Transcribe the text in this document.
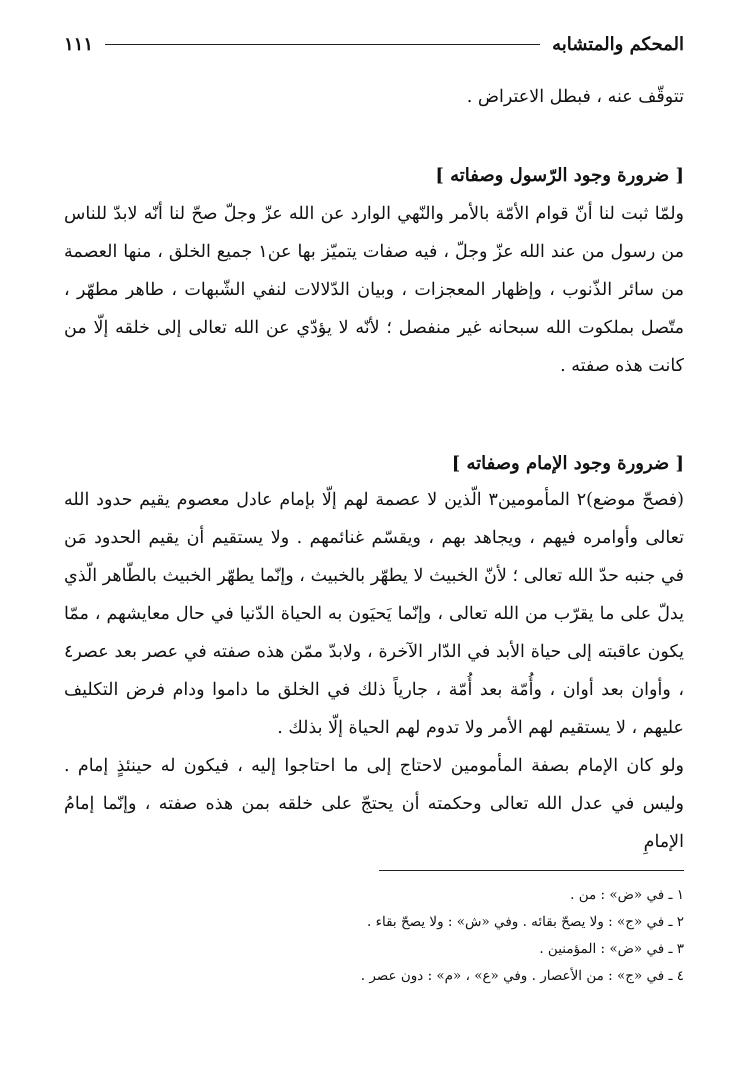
المحكم والمتشابه
١١١

تتوقّف عنه ، فبطل الاعتراض .

[ ضرورة وجود الرّسول وصفاته ]

ولمّا ثبت لنا أنّ قوام الأمّة بالأمر والنّهي الوارد عن الله عزّ وجلّ صحّ لنا أنّه لابدّ للناس من رسول من عند الله عزّ وجلّ ، فيه صفات يتميّز بها عن١ جميع الخلق ، منها العصمة من سائر الذّنوب ، وإظهار المعجزات ، وبيان الدّلالات لنفي الشّبهات ، طاهر مطهّر ، متّصل بملكوت الله سبحانه غير منفصل ؛ لأنّه لا يؤدّي عن الله تعالى إلى خلقه إلّا من كانت هذه صفته .

[ ضرورة وجود الإمام وصفاته ]

(فصحّ موضع)٢ المأمومين٣ الّذين لا عصمة لهم إلّا بإمام عادل معصوم يقيم حدود الله تعالى وأوامره فيهم ، ويجاهد بهم ، ويقسّم غنائمهم . ولا يستقيم أن يقيم الحدود مَن في جنبه حدّ الله تعالى ؛ لأنّ الخبيث لا يطهّر بالخبيث ، وإنّما يطهّر الخبيث بالطّاهر الّذي يدلّ على ما يقرّب من الله تعالى ، وإنّما يَحيَون به الحياة الدّنيا في حال معايشهم ، ممّا يكون عاقبته إلى حياة الأبد في الدّار الآخرة ، ولابدّ ممّن هذه صفته في عصر بعد عصر٤ ، وأوان بعد أوان ، وأُمّة بعد أُمّة ، جارياً ذلك في الخلق ما داموا ودام فرض التكليف عليهم ، لا يستقيم لهم الأمر ولا تدوم لهم الحياة إلّا بذلك .

ولو كان الإمام بصفة المأمومين لاحتاج إلى ما احتاجوا إليه ، فيكون له حينئذٍ إمام . وليس في عدل الله تعالى وحكمته أن يحتجّ على خلقه بمن هذه صفته ، وإنّما إمامُ الإمامِ

١ ـ في «ض» : من .

٢ ـ في «ج» : ولا يصحّ بقائه . وفي «ش» : ولا يصحّ بقاء .

٣ ـ في «ض» : المؤمنين .

٤ ـ في «ج» : من الأعصار . وفي «ع» ، «م» : دون عصر .
